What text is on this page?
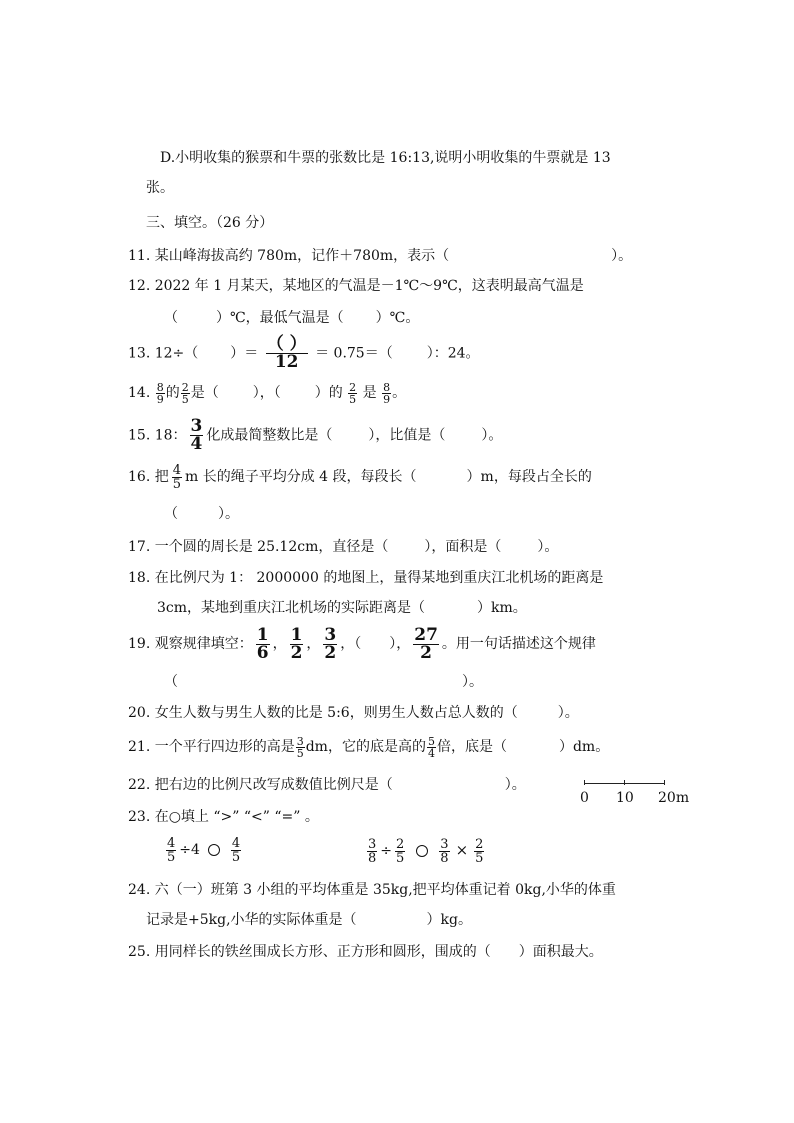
D.小明收集的猴票和牛票的张数比是 16:13,说明小明收集的牛票就是 13
张。
三、填空。（26 分）
11. 某山峰海拔高约 780m，记作＋780m，表示（	）。
12. 2022 年 1 月某天，某地区的气温是－1℃～9℃，这表明最高气温是
（	）℃，最低气温是（ ）℃。
13. 12÷（ ）＝ $\frac{( )}{12} = 0.75=$（ ）：24。
14. $\frac{8}{9}$ 的 $\frac{2}{5}$ 是（ ），（ ）的 $\frac{2}{5}$ 是 $\frac{8}{9}$ 。
15. 18： $\frac{3}{4}$ 化成最简整数比是（	），比值是（	）。
16. 把 $\frac{4}{5}$ m 长的绳子平均分成 4 段，每段长（	）m，每段占全长的
（	）。
17. 一个圆的周长是 25.12cm，直径是（	），面积是（	）。
18. 在比例尺为 1： 2000000 的地图上，量得某地到重庆江北机场的距离是
3cm，某地到重庆江北机场的实际距离是（	）km。
19. 观察规律填空： $\frac{1}{6}$ ， $\frac{1}{2}$ ， $\frac{3}{2}$ ，（ ）， $\frac{27}{2}$ 。用一句话描述这个规律
（	）。
20. 女生人数与男生人数的比是 5:6，则男生人数占总人数的（	）。
21. 一个平行四边形的高是 $\frac{3}{5}$ dm，它的底是高的 $\frac{5}{4}$ 倍，底是（	）dm。
22. 把右边的比例尺改写成数值比例尺是（	）。
0 10 20m
23. 在○填上 “>” “<” “=” 。
$\frac{4}{5} \div 4 \frac{4}{5}$	$\frac{3}{8} \div \frac{2}{5}$	$\frac{3}{8} \times \frac{2}{5}$
24. 六（一）班第 3 小组的平均体重是 35kg,把平均体重记着 0kg,小华的体重
记录是+5kg,小华的实际体重是（	）kg。
25. 用同样长的铁丝围成长方形、正方形和圆形，围成的（　　）面积最大。
